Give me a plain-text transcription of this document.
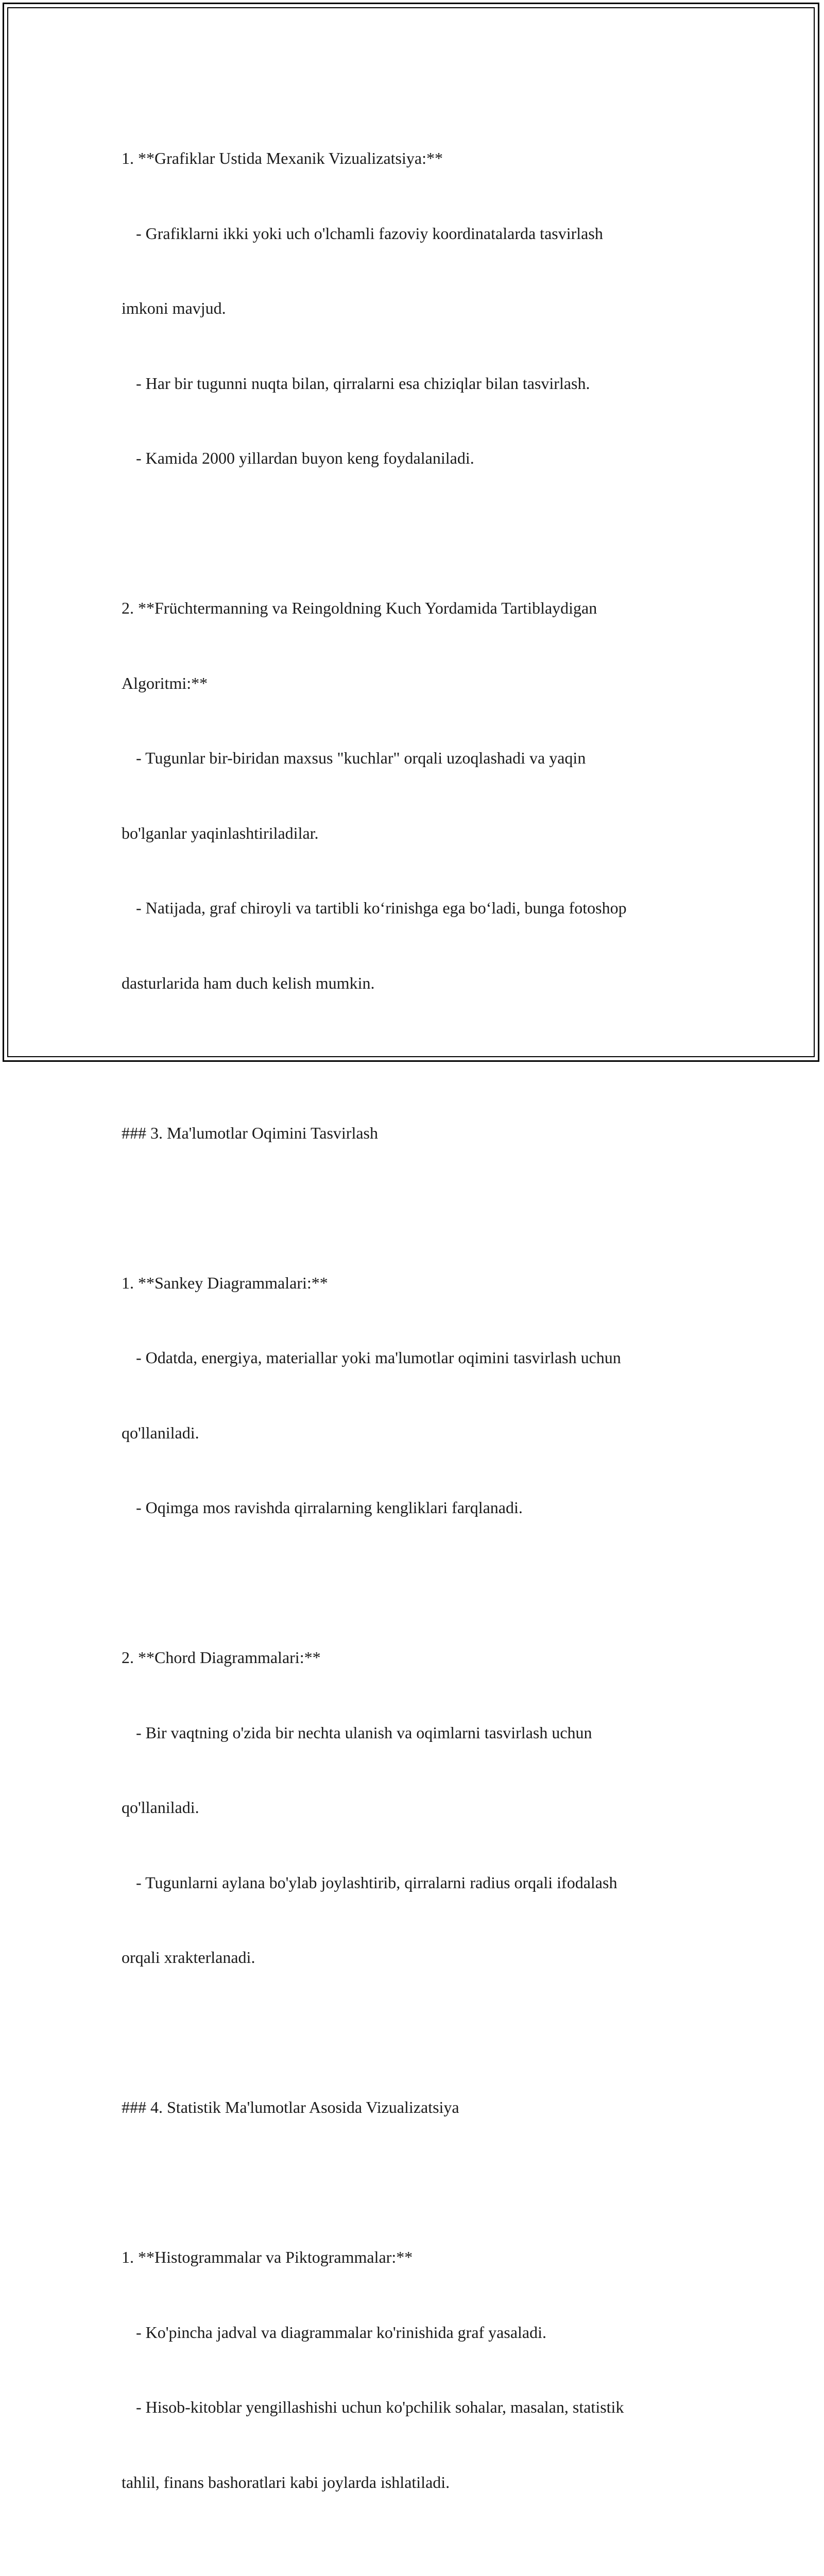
1. **Grafiklar Ustida Mexanik Vizualizatsiya:**

- Grafiklarni ikki yoki uch o'lchamli fazoviy koordinatalarda tasvirlash

imkoni mavjud.

- Har bir tugunni nuqta bilan, qirralarni esa chiziqlar bilan tasvirlash.

- Kamida 2000 yillardan buyon keng foydalaniladi.

2. **Früchtermanning va Reingoldning Kuch Yordamida Tartiblaydigan

Algoritmi:**

- Tugunlar bir-biridan maxsus "kuchlar" orqali uzoqlashadi va yaqin

bo'lganlar yaqinlashtiriladilar.

- Natijada, graf chiroyli va tartibli ko‘rinishga ega bo‘ladi, bunga fotoshop

dasturlarida ham duch kelish mumkin.

### 3. Ma'lumotlar Oqimini Tasvirlash

1. **Sankey Diagrammalari:**

- Odatda, energiya, materiallar yoki ma'lumotlar oqimini tasvirlash uchun

qo'llaniladi.

- Oqimga mos ravishda qirralarning kengliklari farqlanadi.

2. **Chord Diagrammalari:**

- Bir vaqtning o'zida bir nechta ulanish va oqimlarni tasvirlash uchun

qo'llaniladi.

- Tugunlarni aylana bo'ylab joylashtirib, qirralarni radius orqali ifodalash

orqali xrakterlanadi.

### 4. Statistik Ma'lumotlar Asosida Vizualizatsiya

1. **Histogrammalar va Piktogrammalar:**

- Ko'pincha jadval va diagrammalar ko'rinishida graf yasaladi.

- Hisob-kitoblar yengillashishi uchun ko'pchilik sohalar, masalan, statistik

tahlil, finans bashoratlari kabi joylarda ishlatiladi.
